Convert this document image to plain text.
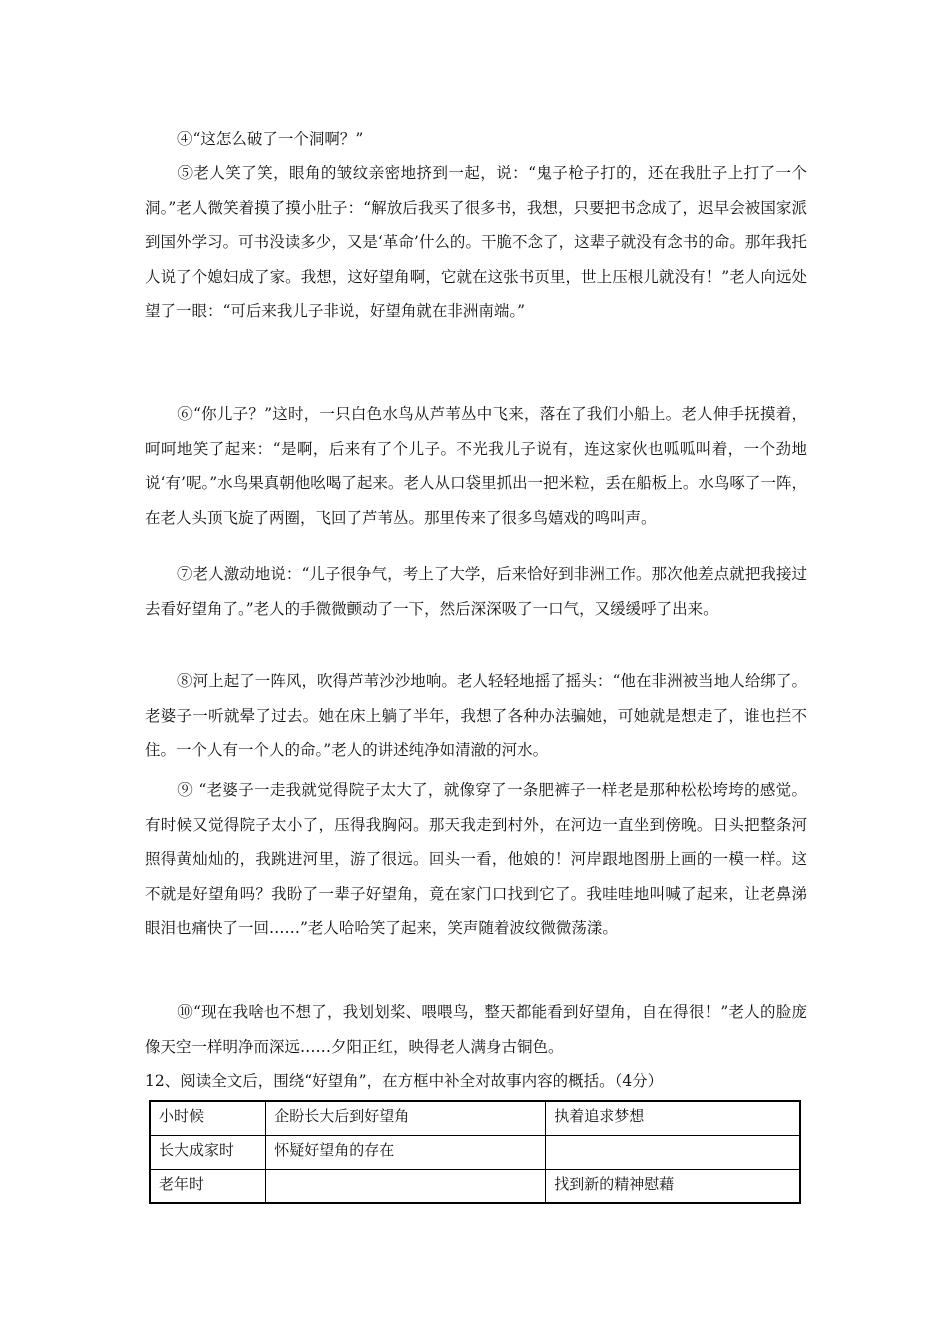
④“这怎么破了一个洞啊？”

⑤老人笑了笑，眼角的皱纹亲密地挤到一起，说：“鬼子枪子打的，还在我肚子上打了一个洞。”老人微笑着摸了摸小肚子：“解放后我买了很多书，我想，只要把书念成了，迟早会被国家派到国外学习。可书没读多少，又是‘革命’什么的。干脆不念了，这辈子就没有念书的命。那年我托人说了个媳妇成了家。我想，这好望角啊，它就在这张书页里，世上压根儿就没有！”老人向远处望了一眼：“可后来我儿子非说，好望角就在非洲南端。”

⑥“你儿子？”这时，一只白色水鸟从芦苇丛中飞来，落在了我们小船上。老人伸手抚摸着，呵呵地笑了起来：“是啊，后来有了个儿子。不光我儿子说有，连这家伙也呱呱叫着，一个劲地说‘有’呢。”水鸟果真朝他吆喝了起来。老人从口袋里抓出一把米粒，丢在船板上。水鸟啄了一阵，在老人头顶飞旋了两圈，飞回了芦苇丛。那里传来了很多鸟嬉戏的鸣叫声。

⑦老人激动地说：“儿子很争气，考上了大学，后来恰好到非洲工作。那次他差点就把我接过去看好望角了。”老人的手微微颤动了一下，然后深深吸了一口气，又缓缓呼了出来。

⑧河上起了一阵风，吹得芦苇沙沙地响。老人轻轻地摇了摇头：“他在非洲被当地人给绑了。老婆子一听就晕了过去。她在床上躺了半年，我想了各种办法骗她，可她就是想走了，谁也拦不住。一个人有一个人的命。”老人的讲述纯净如清澈的河水。

⑨ “老婆子一走我就觉得院子太大了，就像穿了一条肥裤子一样老是那种松松垮垮的感觉。有时候又觉得院子太小了，压得我胸闷。那天我走到村外，在河边一直坐到傍晚。日头把整条河照得黄灿灿的，我跳进河里，游了很远。回头一看，他娘的！河岸跟地图册上画的一模一样。这不就是好望角吗？我盼了一辈子好望角，竟在家门口找到它了。我哇哇地叫喊了起来，让老鼻涕眼泪也痛快了一回……”老人哈哈笑了起来，笑声随着波纹微微荡漾。

⑩“现在我啥也不想了，我划划桨、喂喂鸟，整天都能看到好望角，自在得很！”老人的脸庞像天空一样明净而深远……夕阳正红，映得老人满身古铜色。

12、阅读全文后，围绕“好望角”，在方框中补全对故事内容的概括。（4分）

小时候	企盼长大后到好望角	执着追求梦想
长大成家时	怀疑好望角的存在	
老年时		找到新的精神慰藉
